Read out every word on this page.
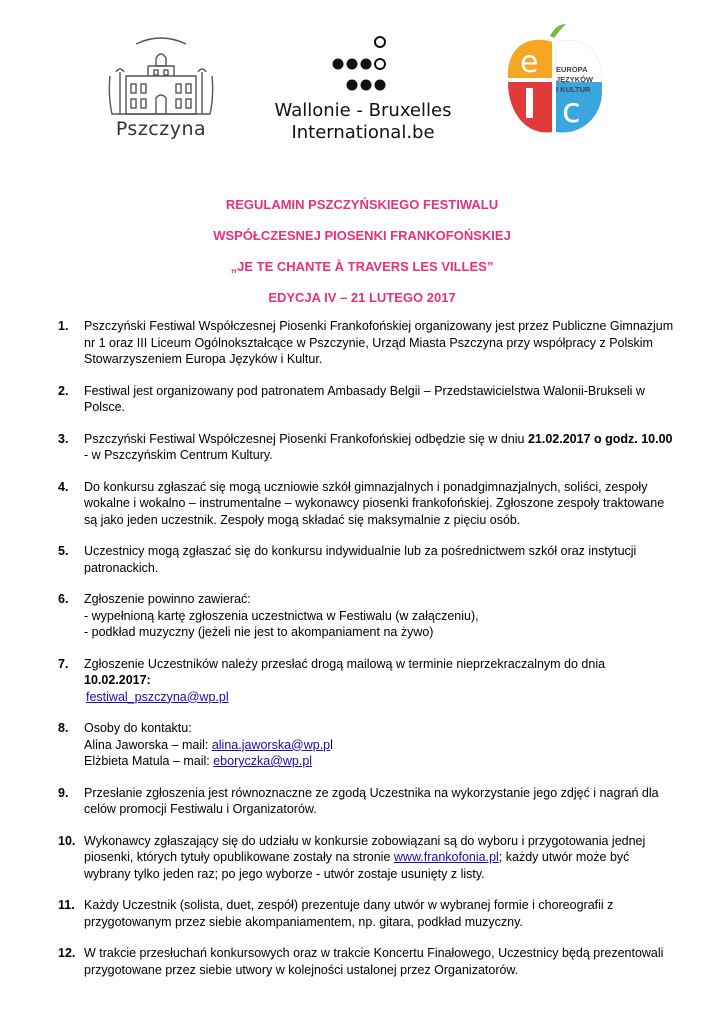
Pszczyna
Wallonie - Bruxelles
International.be
e
c
EUROPA
JĘZYKÓW
I KULTUR
REGULAMIN PSZCZYŃSKIEGO FESTIWALU
WSPÓŁCZESNEJ PIOSENKI FRANKOFOŃSKIEJ
„JE TE CHANTE À TRAVERS LES VILLES”
EDYCJA IV – 21 LUTEGO 2017
1.	Pszczyński Festiwal Współczesnej Piosenki Frankofońskiej organizowany jest przez Publiczne Gimnazjum nr 1 oraz III Liceum Ogólnokształcące w Pszczynie, Urząd Miasta Pszczyna przy współpracy z Polskim Stowarzyszeniem Europa Języków i Kultur.

2.	Festiwal jest organizowany pod patronatem Ambasady Belgii – Przedstawicielstwa Walonii-Brukseli w Polsce.

3.	Pszczyński Festiwal Współczesnej Piosenki Frankofońskiej odbędzie się w dniu 21.02.2017 o godz. 10.00 - w Pszczyńskim Centrum Kultury.

4.	Do konkursu zgłaszać się mogą uczniowie szkół gimnazjalnych i ponadgimnazjalnych, soliści, zespoły wokalne i wokalno – instrumentalne – wykonawcy piosenki frankofońskiej. Zgłoszone zespoły traktowane są jako jeden uczestnik. Zespoły mogą składać się maksymalnie z pięciu osób.

5.	Uczestnicy mogą zgłaszać się do konkursu indywidualnie lub za pośrednictwem szkół oraz instytucji patronackich.

6.	Zgłoszenie powinno zawierać:

- wypełnioną kartę zgłoszenia uczestnictwa w Festiwalu (w załączeniu),

- podkład muzyczny (jeżeli nie jest to akompaniament na żywo)

7.	Zgłoszenie Uczestników należy przesłać drogą mailową w terminie nieprzekraczalnym do dnia 10.02.2017:

festiwal_pszczyna@wp.pl

8.	Osoby do kontaktu:

Alina Jaworska – mail: alina.jaworska@wp.pl

Elżbieta Matula – mail: eboryczka@wp.pl

9.	Przesłanie zgłoszenia jest równoznaczne ze zgodą Uczestnika na wykorzystanie jego zdjęć i nagrań dla celów promocji Festiwalu i Organizatorów.

10. Wykonawcy zgłaszający się do udziału w konkursie zobowiązani są do wyboru i przygotowania jednej piosenki, których tytuły opublikowane zostały na stronie www.frankofonia.pl; każdy utwór może być wybrany tylko jeden raz; po jego wyborze - utwór zostaje usunięty z listy.

11. Każdy Uczestnik (solista, duet, zespół) prezentuje dany utwór w wybranej formie i choreografii z przygotowanym przez siebie akompaniamentem, np. gitara, podkład muzyczny.

12. W trakcie przesłuchań konkursowych oraz w trakcie Koncertu Finałowego, Uczestnicy będą prezentowali przygotowane przez siebie utwory w kolejności ustalonej przez Organizatorów.
